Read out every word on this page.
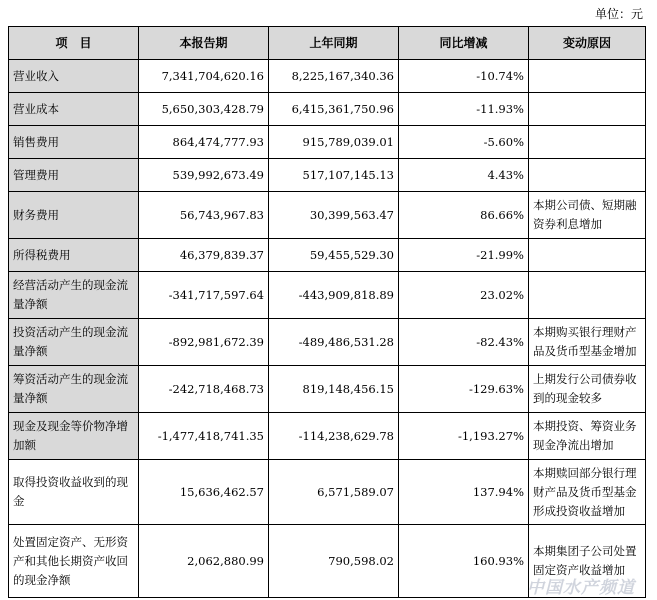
单位：元
项　目	本报告期	上年同期	同比增减	变动原因
营业收入	7,341,704,620.16	8,225,167,340.36	-10.74%	
营业成本	5,650,303,428.79	6,415,361,750.96	-11.93%	
销售费用	864,474,777.93	915,789,039.01	-5.60%	
管理费用	539,992,673.49	517,107,145.13	4.43%	
财务费用	56,743,967.83	30,399,563.47	86.66%	本期公司债、短期融资券利息增加
所得税费用	46,379,839.37	59,455,529.30	-21.99%	
经营活动产生的现金流量净额	-341,717,597.64	-443,909,818.89	23.02%	
投资活动产生的现金流量净额	-892,981,672.39	-489,486,531.28	-82.43%	本期购买银行理财产品及货币型基金增加
筹资活动产生的现金流量净额	-242,718,468.73	819,148,456.15	-129.63%	上期发行公司债券收到的现金较多
现金及现金等价物净增加额	-1,477,418,741.35	-114,238,629.78	-1,193.27%	本期投资、筹资业务现金净流出增加
取得投资收益收到的现金	15,636,462.57	6,571,589.07	137.94%	本期赎回部分银行理财产品及货币型基金形成投资收益增加
处置固定资产、无形资产和其他长期资产收回的现金净额	2,062,880.99	790,598.02	160.93%	本期集团子公司处置固定资产收益增加
中国水产频道
